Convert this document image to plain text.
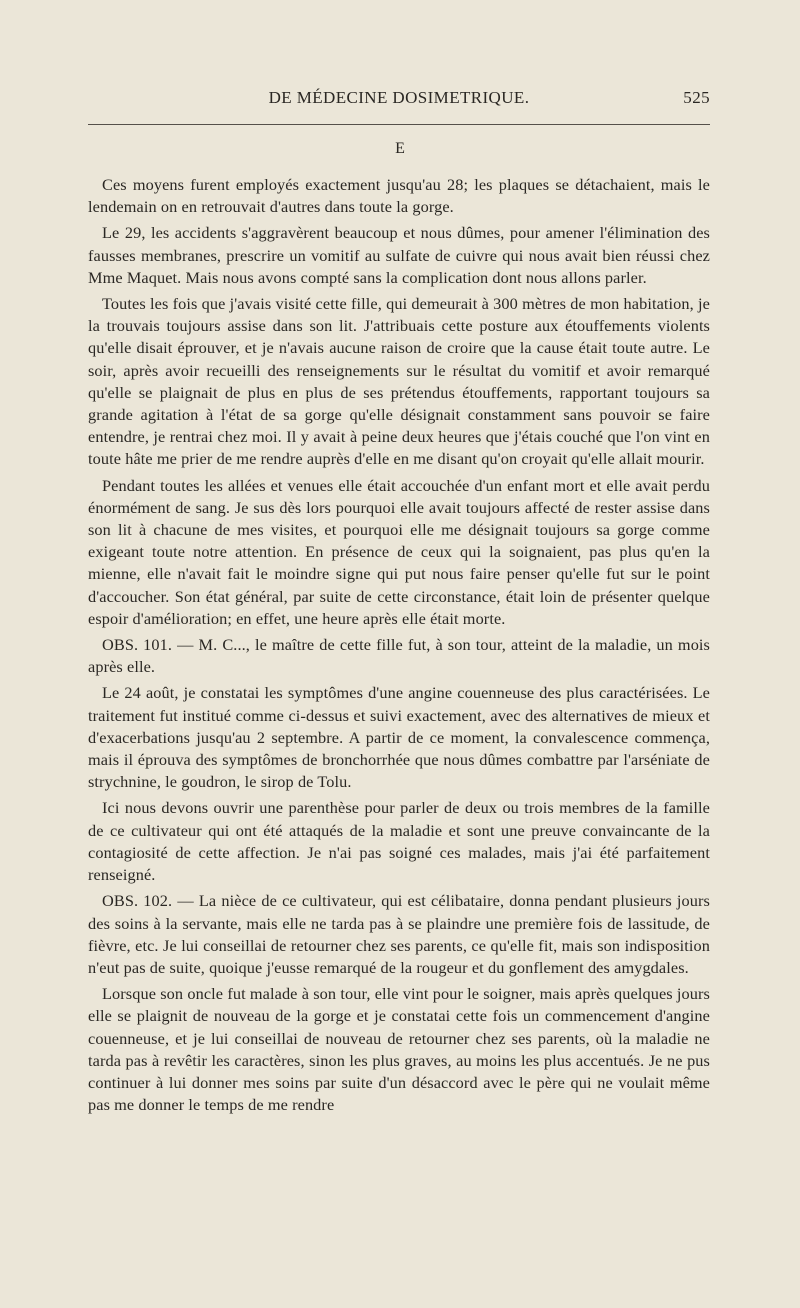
DE MÉDECINE DOSIMETRIQUE.	525
E

Ces moyens furent employés exactement jusqu'au 28; les plaques se détachaient, mais le lendemain on en retrouvait d'autres dans toute la gorge.

Le 29, les accidents s'aggravèrent beaucoup et nous dûmes, pour amener l'élimination des fausses membranes, prescrire un vomitif au sulfate de cuivre qui nous avait bien réussi chez Mme Maquet. Mais nous avons compté sans la complication dont nous allons parler.

Toutes les fois que j'avais visité cette fille, qui demeurait à 300 mètres de mon habitation, je la trouvais toujours assise dans son lit. J'attribuais cette posture aux étouffements violents qu'elle disait éprouver, et je n'avais aucune raison de croire que la cause était toute autre. Le soir, après avoir recueilli des renseignements sur le résultat du vomitif et avoir remarqué qu'elle se plaignait de plus en plus de ses prétendus étouffements, rapportant toujours sa grande agitation à l'état de sa gorge qu'elle désignait constamment sans pouvoir se faire entendre, je rentrai chez moi. Il y avait à peine deux heures que j'étais couché que l'on vint en toute hâte me prier de me rendre auprès d'elle en me disant qu'on croyait qu'elle allait mourir.

Pendant toutes les allées et venues elle était accouchée d'un enfant mort et elle avait perdu énormément de sang. Je sus dès lors pourquoi elle avait toujours affecté de rester assise dans son lit à chacune de mes visites, et pourquoi elle me désignait toujours sa gorge comme exigeant toute notre attention. En présence de ceux qui la soignaient, pas plus qu'en la mienne, elle n'avait fait le moindre signe qui put nous faire penser qu'elle fut sur le point d'accoucher. Son état général, par suite de cette circonstance, était loin de présenter quelque espoir d'amélioration; en effet, une heure après elle était morte.

OBS. 101. — M. C..., le maître de cette fille fut, à son tour, atteint de la maladie, un mois après elle.

Le 24 août, je constatai les symptômes d'une angine couenneuse des plus caractérisées. Le traitement fut institué comme ci-dessus et suivi exactement, avec des alternatives de mieux et d'exacerbations jusqu'au 2 septembre. A partir de ce moment, la convalescence commença, mais il éprouva des symptômes de bronchorrhée que nous dûmes combattre par l'arséniate de strychnine, le goudron, le sirop de Tolu.

Ici nous devons ouvrir une parenthèse pour parler de deux ou trois membres de la famille de ce cultivateur qui ont été attaqués de la maladie et sont une preuve convaincante de la contagiosité de cette affection. Je n'ai pas soigné ces malades, mais j'ai été parfaitement renseigné.

OBS. 102. — La nièce de ce cultivateur, qui est célibataire, donna pendant plusieurs jours des soins à la servante, mais elle ne tarda pas à se plaindre une première fois de lassitude, de fièvre, etc. Je lui conseillai de retourner chez ses parents, ce qu'elle fit, mais son indisposition n'eut pas de suite, quoique j'eusse remarqué de la rougeur et du gonflement des amygdales.

Lorsque son oncle fut malade à son tour, elle vint pour le soigner, mais après quelques jours elle se plaignit de nouveau de la gorge et je constatai cette fois un commencement d'angine couenneuse, et je lui conseillai de nouveau de retourner chez ses parents, où la maladie ne tarda pas à revêtir les caractères, sinon les plus graves, au moins les plus accentués. Je ne pus continuer à lui donner mes soins par suite d'un désaccord avec le père qui ne voulait même pas me donner le temps de me rendre
